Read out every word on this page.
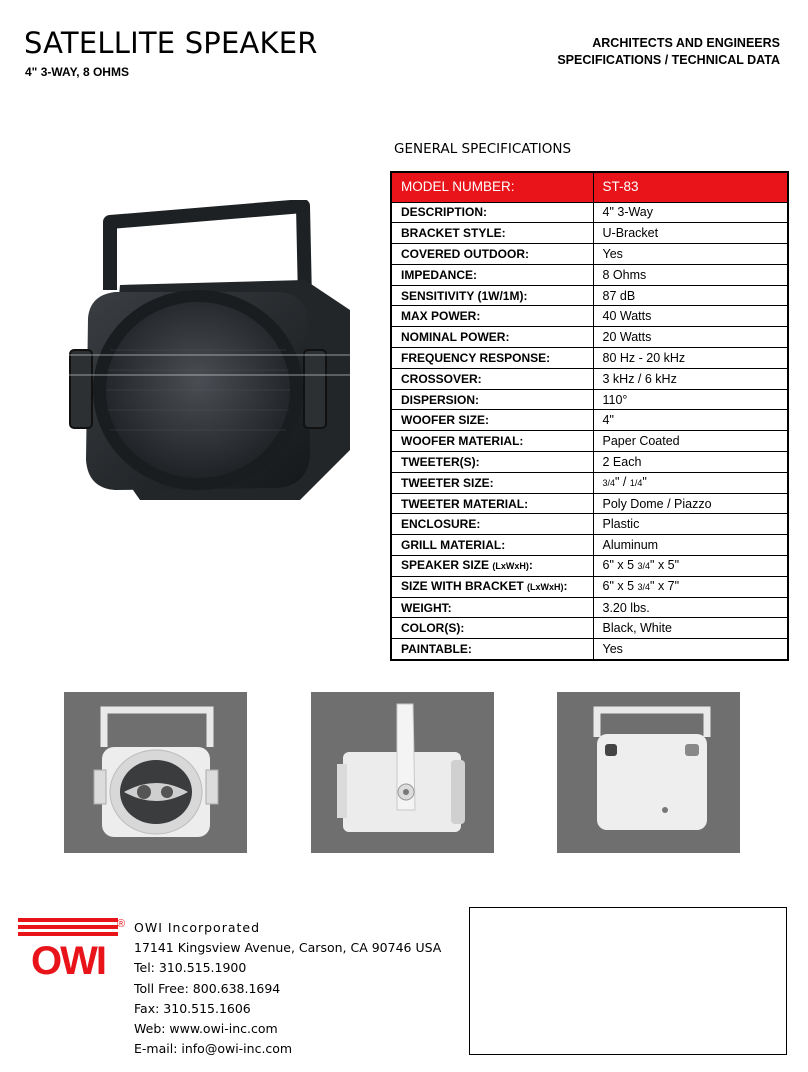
SATELLITE SPEAKER
4" 3-WAY, 8 OHMS
ARCHITECTS AND ENGINEERS
SPECIFICATIONS / TECHNICAL DATA
GENERAL SPECIFICATIONS
MODEL NUMBER:	ST-83
DESCRIPTION:	4" 3-Way
BRACKET STYLE:	U-Bracket
COVERED OUTDOOR:	Yes
IMPEDANCE:	8 Ohms
SENSITIVITY (1W/1M):	87 dB
MAX POWER:	40 Watts
NOMINAL POWER:	20 Watts
FREQUENCY RESPONSE:	80 Hz - 20 kHz
CROSSOVER:	3 kHz / 6 kHz
DISPERSION:	110°
WOOFER SIZE:	4"
WOOFER MATERIAL:	Paper Coated
TWEETER(S):	2 Each
TWEETER SIZE:	3/4" / 1/4"
TWEETER MATERIAL:	Poly Dome / Piazzo
ENCLOSURE:	Plastic
GRILL MATERIAL:	Aluminum
SPEAKER SIZE (LxWxH):	6" x 5 3/4" x 5"
SIZE WITH BRACKET (LxWxH):	6" x 5 3/4" x 7"
WEIGHT:	3.20 lbs.
COLOR(S):	Black, White
PAINTABLE:	Yes
OWI
® OWI Incorporated
17141 Kingsview Avenue, Carson, CA 90746 USA
Tel: 310.515.1900
Toll Free: 800.638.1694
Fax: 310.515.1606
Web: www.owi-inc.com
E-mail: info@owi-inc.com
